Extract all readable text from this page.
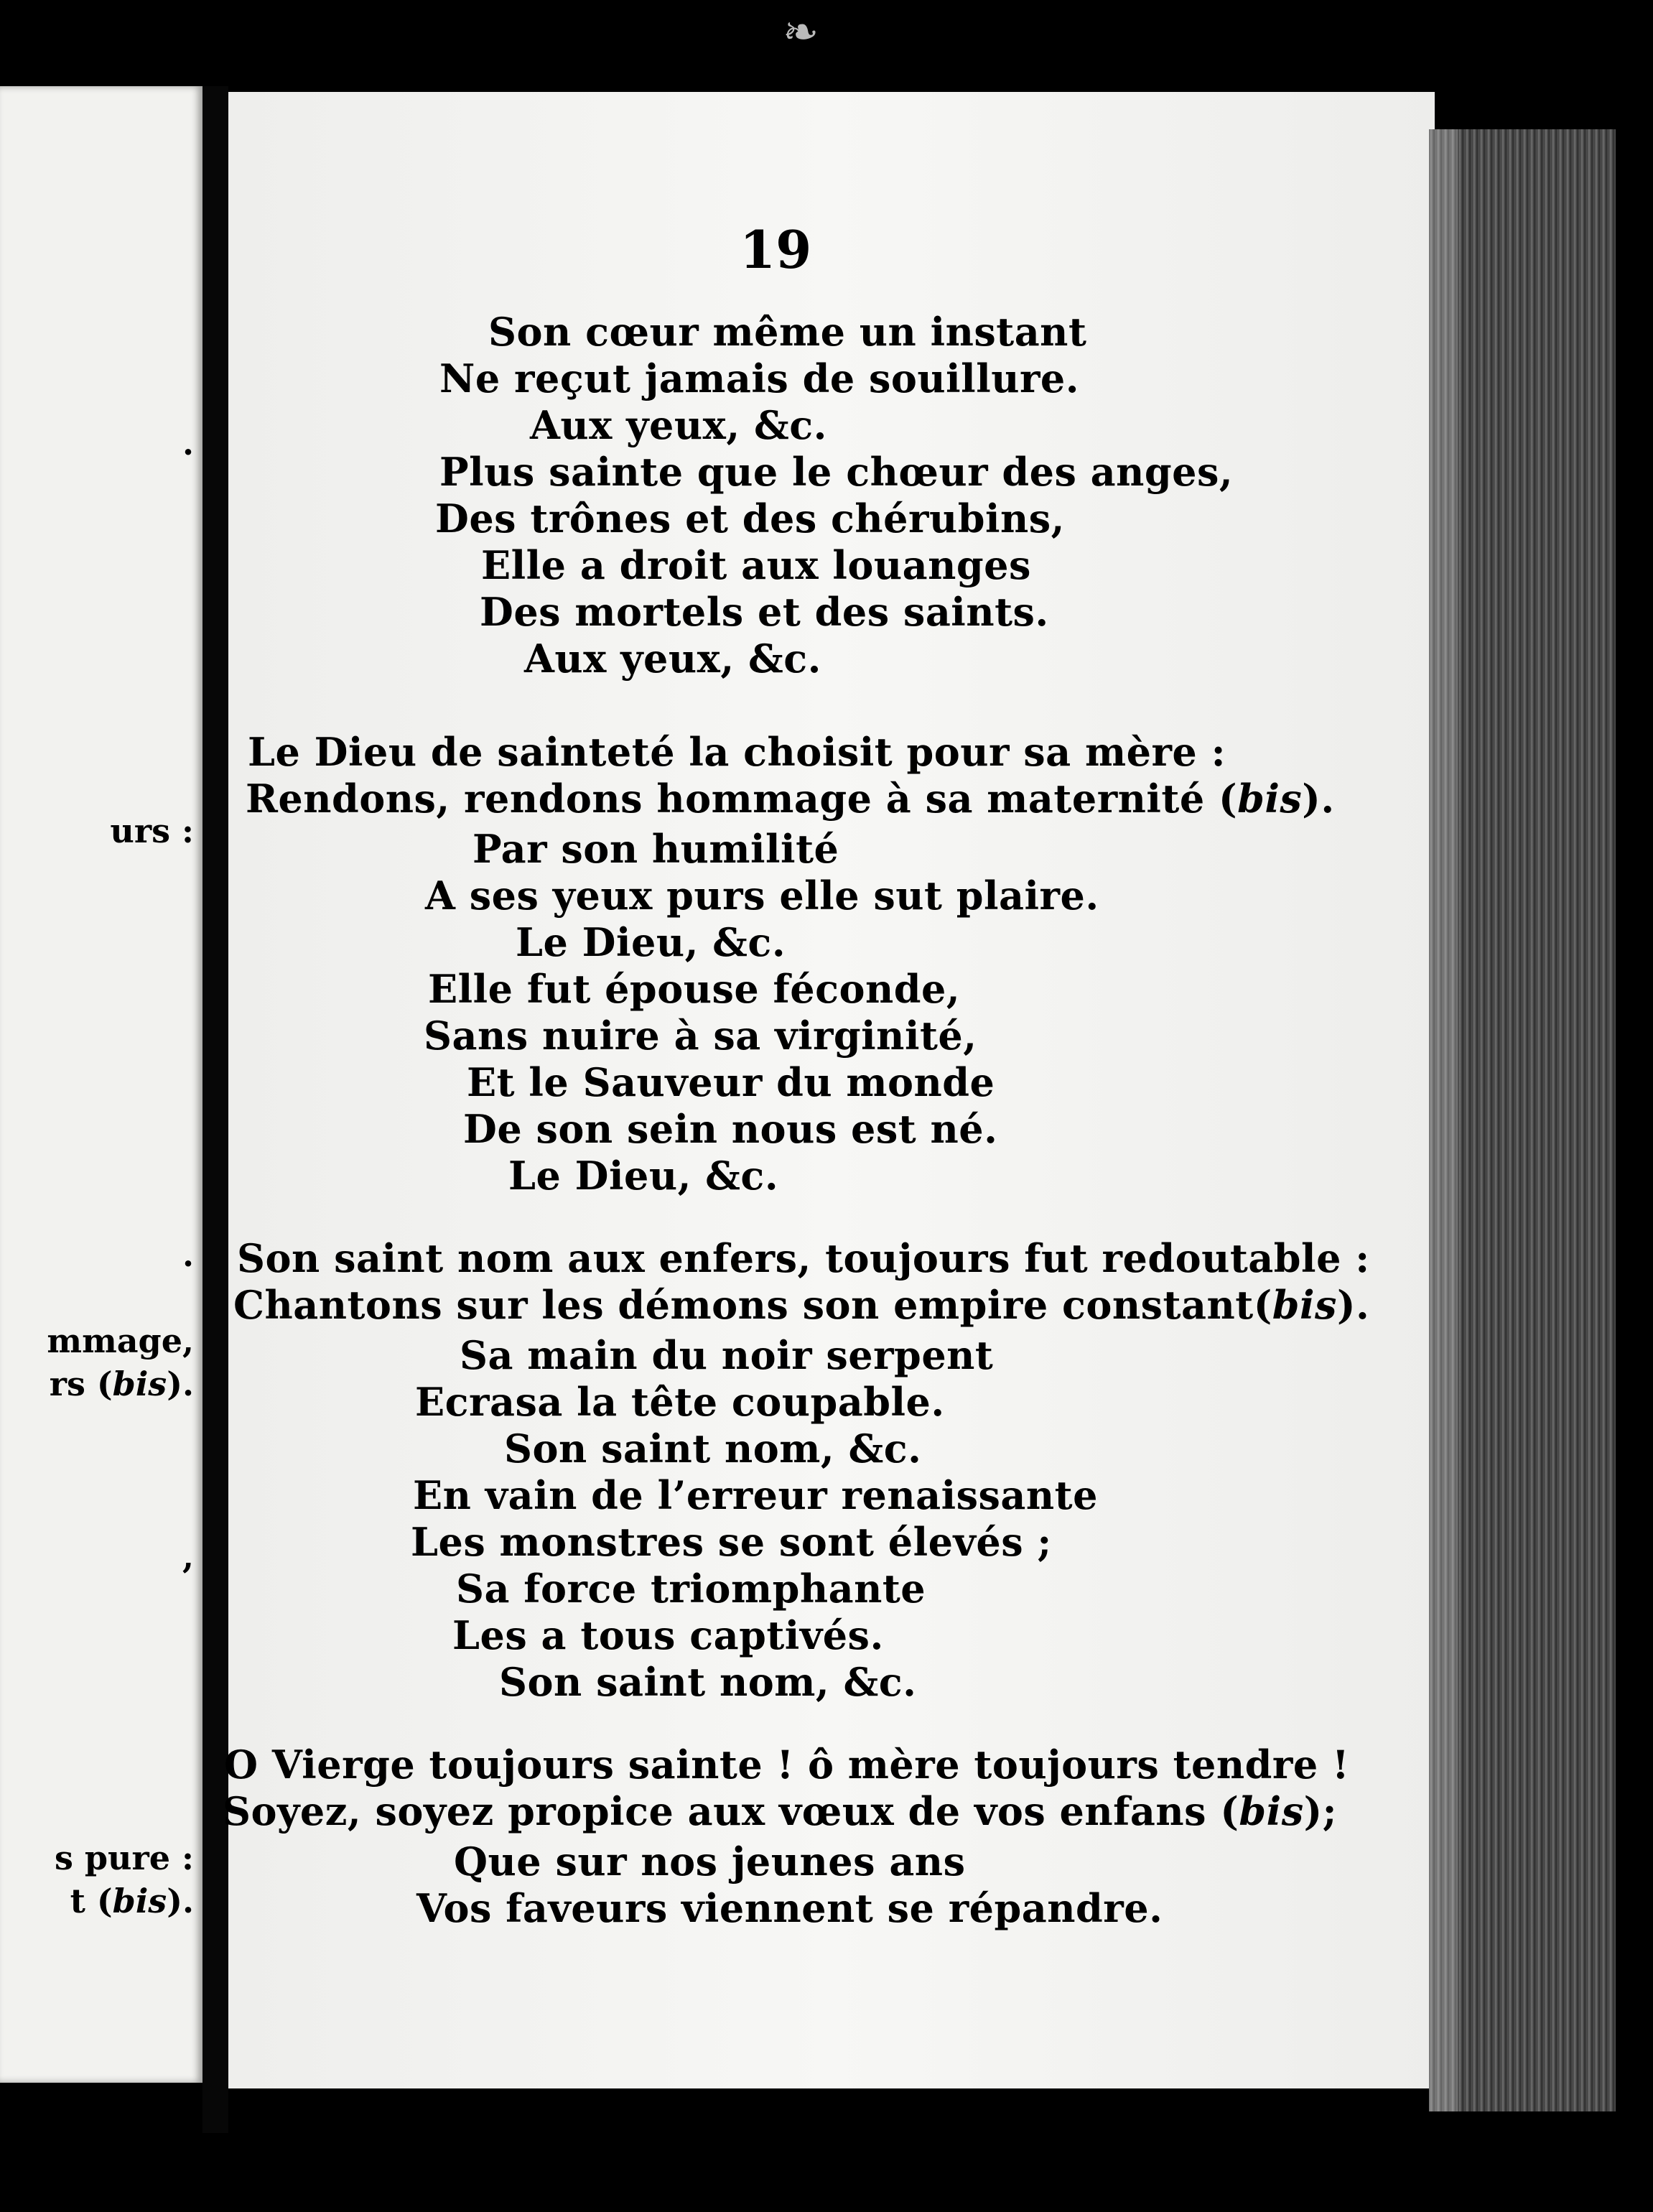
❧
.
urs :
.
mmage,
rs (bis).
,
s pure :
t (bis).
19
Son cœur même un instant
Ne reçut jamais de souillure.
Aux yeux, &c.
Plus sainte que le chœur des anges,
Des trônes et des chérubins,
Elle a droit aux louanges
Des mortels et des saints.
Aux yeux, &c.
Le Dieu de sainteté la choisit pour sa mère :
Rendons, rendons hommage à sa maternité (bis).
Par son humilité
A ses yeux purs elle sut plaire.
Le Dieu, &c.
Elle fut épouse féconde,
Sans nuire à sa virginité,
Et le Sauveur du monde
De son sein nous est né.
Le Dieu, &c.
Son saint nom aux enfers, toujours fut redoutable :
Chantons sur les démons son empire constant(bis).
Sa main du noir serpent
Ecrasa la tête coupable.
Son saint nom, &c.
En vain de l’erreur renaissante
Les monstres se sont élevés ;
Sa force triomphante
Les a tous captivés.
Son saint nom, &c.
O Vierge toujours sainte ! ô mère toujours tendre !
Soyez, soyez propice aux vœux de vos enfans (bis);
Que sur nos jeunes ans
Vos faveurs viennent se répandre.
